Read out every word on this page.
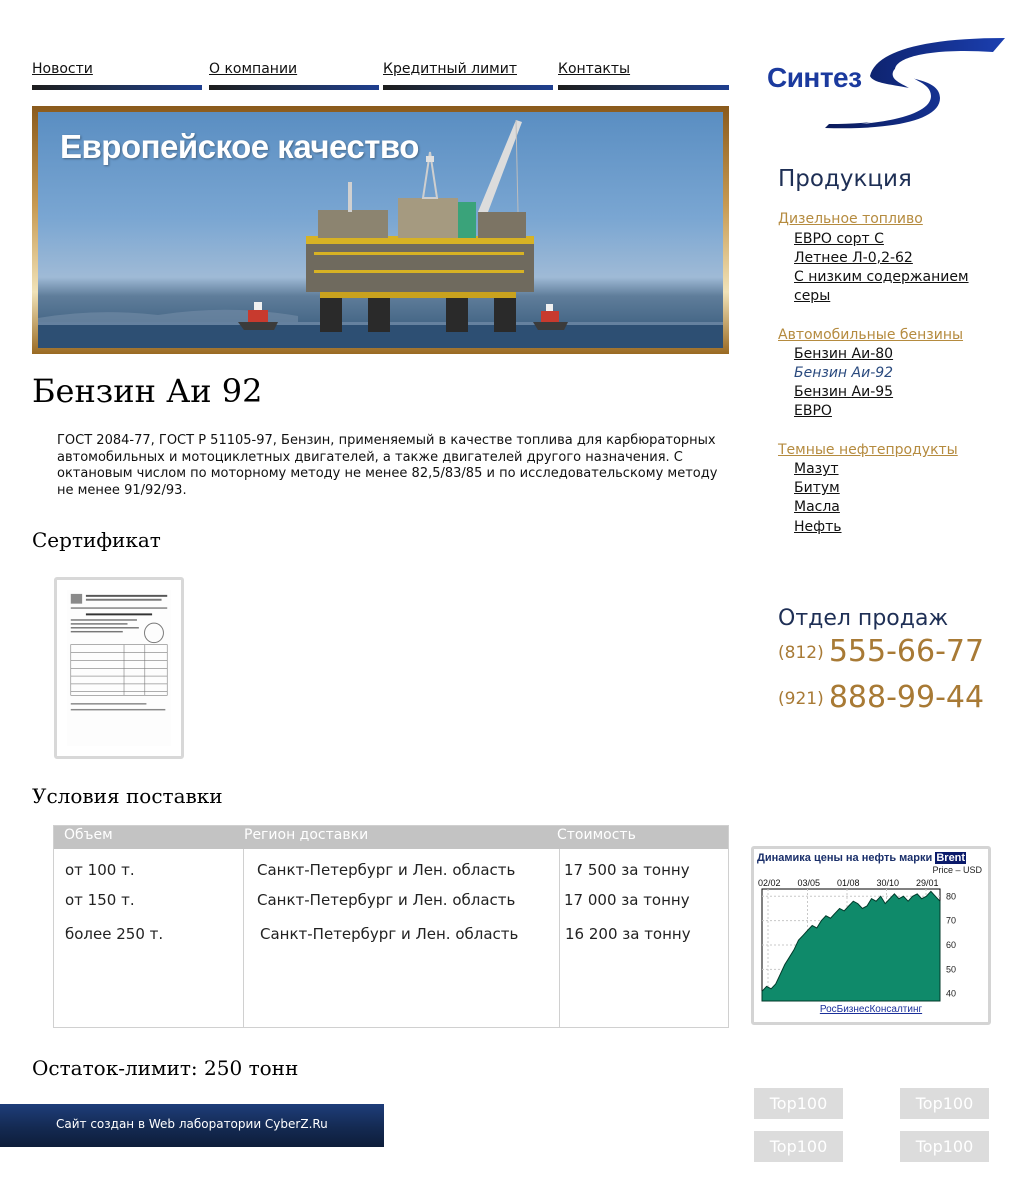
Новости	О компании	Кредитный лимит	Контакты	Синтез
Европейское качество
Бензин Аи 92

ГОСТ 2084-77, ГОСТ Р 51105-97, Бензин, применяемый в качестве топлива для карбюраторных автомобильных и мотоциклетных двигателей, а также двигателей другого назначения. С октановым числом по моторному методу не менее 82,5/83/85 и по исследовательскому методу не менее 91/92/93.

Сертификат
Условия поставки
Объем	Регион доставки	Стоимость
от 100 т.	Санкт-Петербург и Лен. область	17 500 за тонну
от 150 т.	Санкт-Петербург и Лен. область	17 000 за тонну
более 250 т.	Санкт-Петербург и Лен. область	16 200 за тонну
Остаток-лимит: 250 тонн
Сайт создан в Web лаборатории CyberZ.Ru
Продукция
Дизельное топливо
ЕВРО сорт С
Летнее Л-0,2-62
С низким содержанием серы
Автомобильные бензины
Бензин Аи-80
Бензин Аи-92
Бензин Аи-95
ЕВРО
Темные нефтепродукты
Мазут
Битум
Масла
Нефть
Отдел продаж
(812) 555-66-77
(921) 888-99-44
Динамика цены на нефть марки Brent
Price – USD
80
70
60
50
40
02/02 03/05 01/08 30/10 29/01
РосБизнесКонсалтинг
Top100	Top100
Top100	Top100
